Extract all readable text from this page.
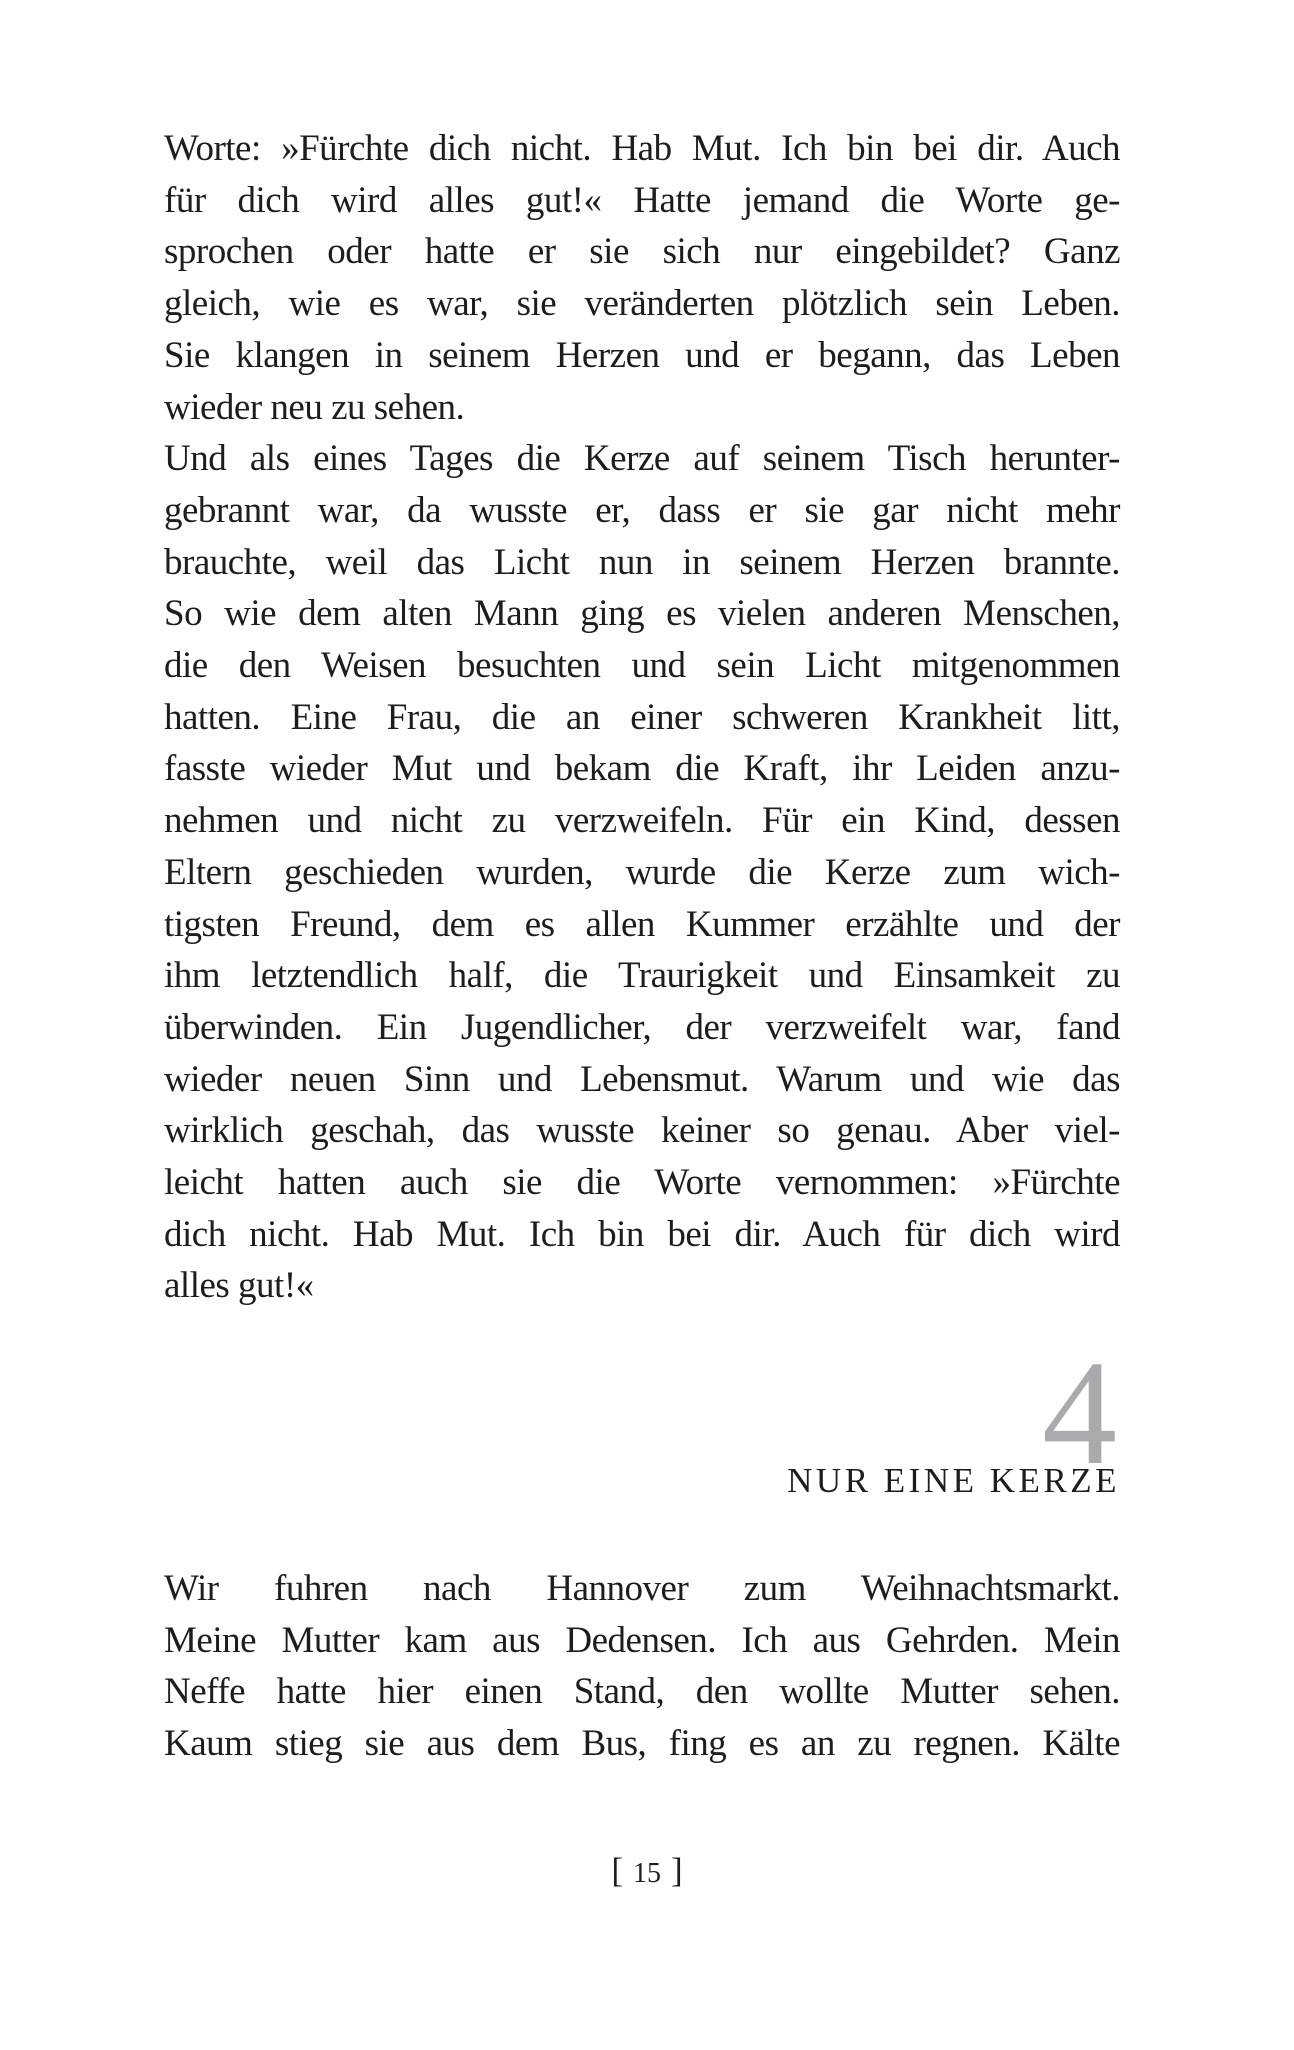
Worte: »Fürchte dich nicht. Hab Mut. Ich bin bei dir. Auch
für dich wird alles gut!« Hatte jemand die Worte ge-
sprochen oder hatte er sie sich nur eingebildet? Ganz
gleich, wie es war, sie veränderten plötzlich sein Leben.
Sie klangen in seinem Herzen und er begann, das Leben
wieder neu zu sehen.
Und als eines Tages die Kerze auf seinem Tisch herunter-
gebrannt war, da wusste er, dass er sie gar nicht mehr
brauchte, weil das Licht nun in seinem Herzen brannte.
So wie dem alten Mann ging es vielen anderen Menschen,
die den Weisen besuchten und sein Licht mitgenommen
hatten. Eine Frau, die an einer schweren Krankheit litt,
fasste wieder Mut und bekam die Kraft, ihr Leiden anzu-
nehmen und nicht zu verzweifeln. Für ein Kind, dessen
Eltern geschieden wurden, wurde die Kerze zum wich-
tigsten Freund, dem es allen Kummer erzählte und der
ihm letztendlich half, die Traurigkeit und Einsamkeit zu
überwinden. Ein Jugendlicher, der verzweifelt war, fand
wieder neuen Sinn und Lebensmut. Warum und wie das
wirklich geschah, das wusste keiner so genau. Aber viel-
leicht hatten auch sie die Worte vernommen: »Fürchte
dich nicht. Hab Mut. Ich bin bei dir. Auch für dich wird
alles gut!«
4
NUR EINE KERZE
Wir fuhren nach Hannover zum Weihnachtsmarkt.
Meine Mutter kam aus Dedensen. Ich aus Gehrden. Mein
Neffe hatte hier einen Stand, den wollte Mutter sehen.
Kaum stieg sie aus dem Bus, fing es an zu regnen. Kälte
[ 15 ]
